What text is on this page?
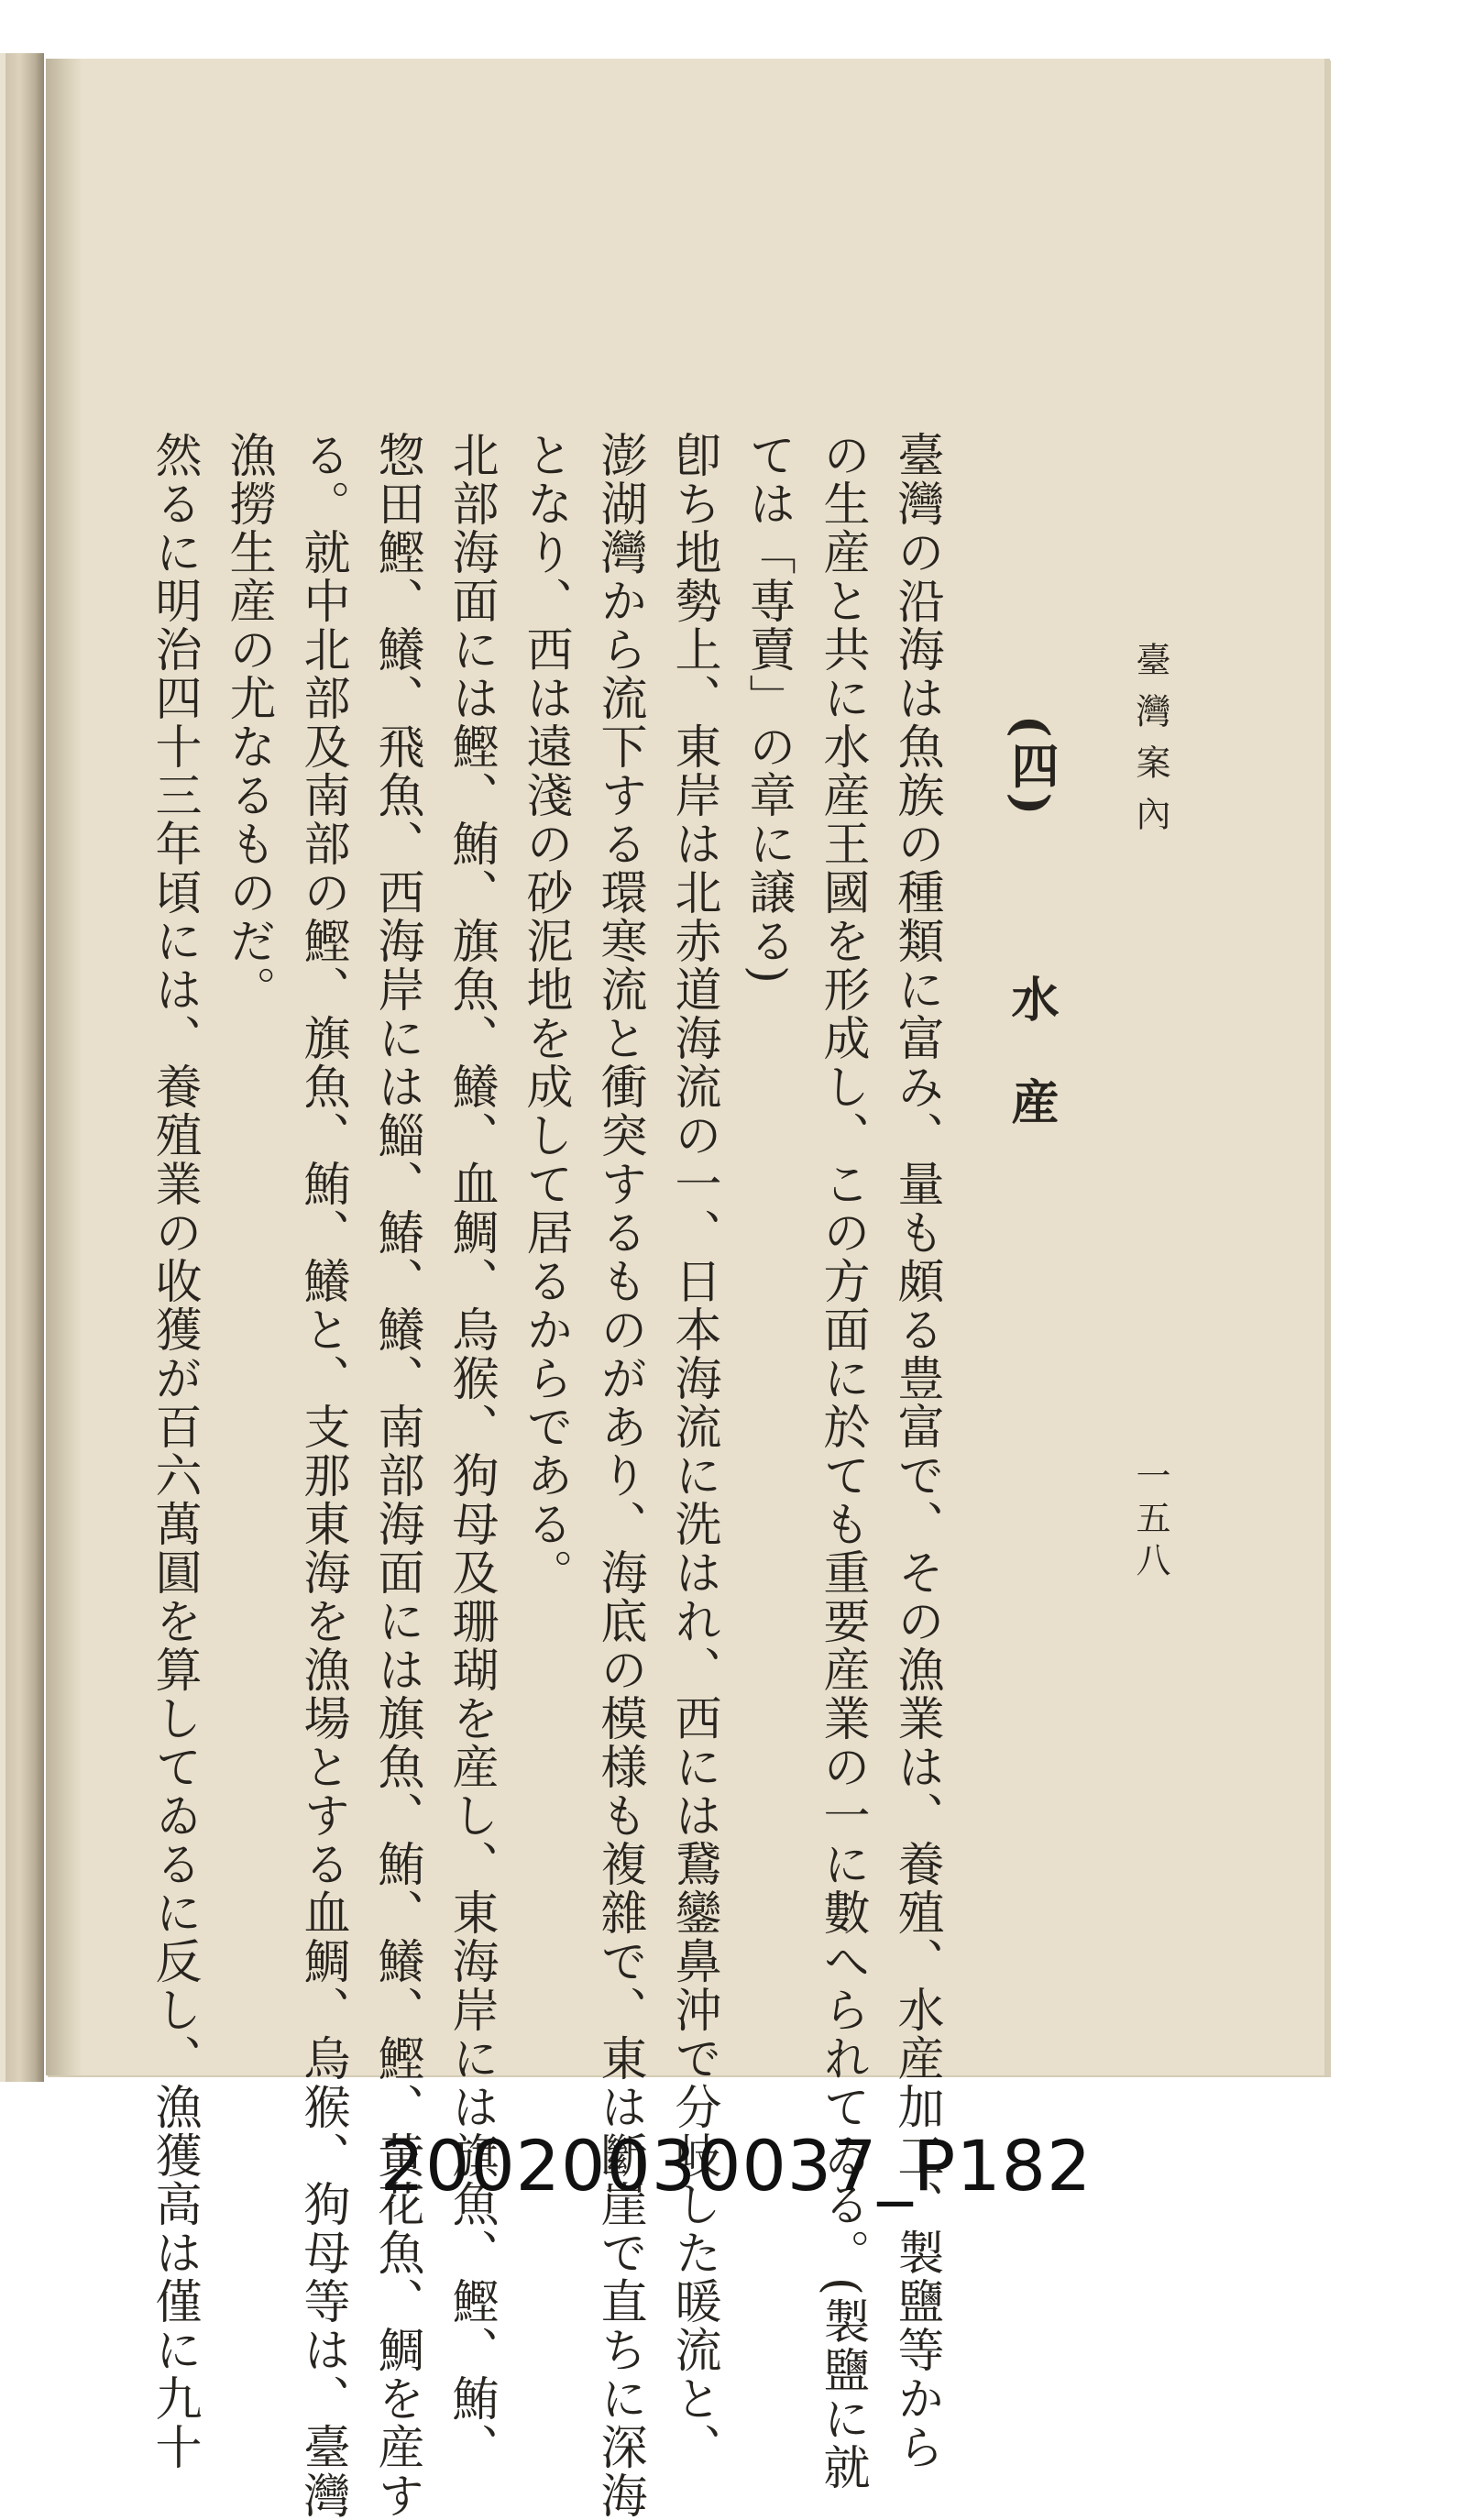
臺灣案內
一五八
(四)水　産
臺灣の沿海は魚族の種類に富み、量も頗る豊富で、その漁業は、養殖、水産加工、製鹽等から
の生産と共に水産王國を形成し、この方面に於ても重要産業の一に數へられてゐる。(製鹽に就
ては「専賣」の章に譲る)
卽ち地勢上、東岸は北赤道海流の一、日本海流に洗はれ、西には鵞鑾鼻沖で分岐した暖流と、
澎湖灣から流下する環寒流と衝突するものがあり、海底の模様も複雜で、東は斷崖で直ちに深海
となり、西は遠淺の砂泥地を成して居るからである。
北部海面には鰹、鮪、旗魚、鱶、血鯛、烏猴、狗母及珊瑚を産し、東海岸には旗魚、鰹、鮪、
惣田鰹、鱶、飛魚、西海岸には鯔、鰆、鱶、南部海面には旗魚、鮪、鱶、鰹、黃花魚、鯛を産す
る。就中北部及南部の鰹、旗魚、鮪、鱶と、支那東海を漁場とする血鯛、烏猴、狗母等は、臺灣
漁撈生産の尤なるものだ。
然るに明治四十三年頃には、養殖業の收獲が百六萬圓を算してゐるに反し、漁獲高は僅に九十	20020030037_P182
